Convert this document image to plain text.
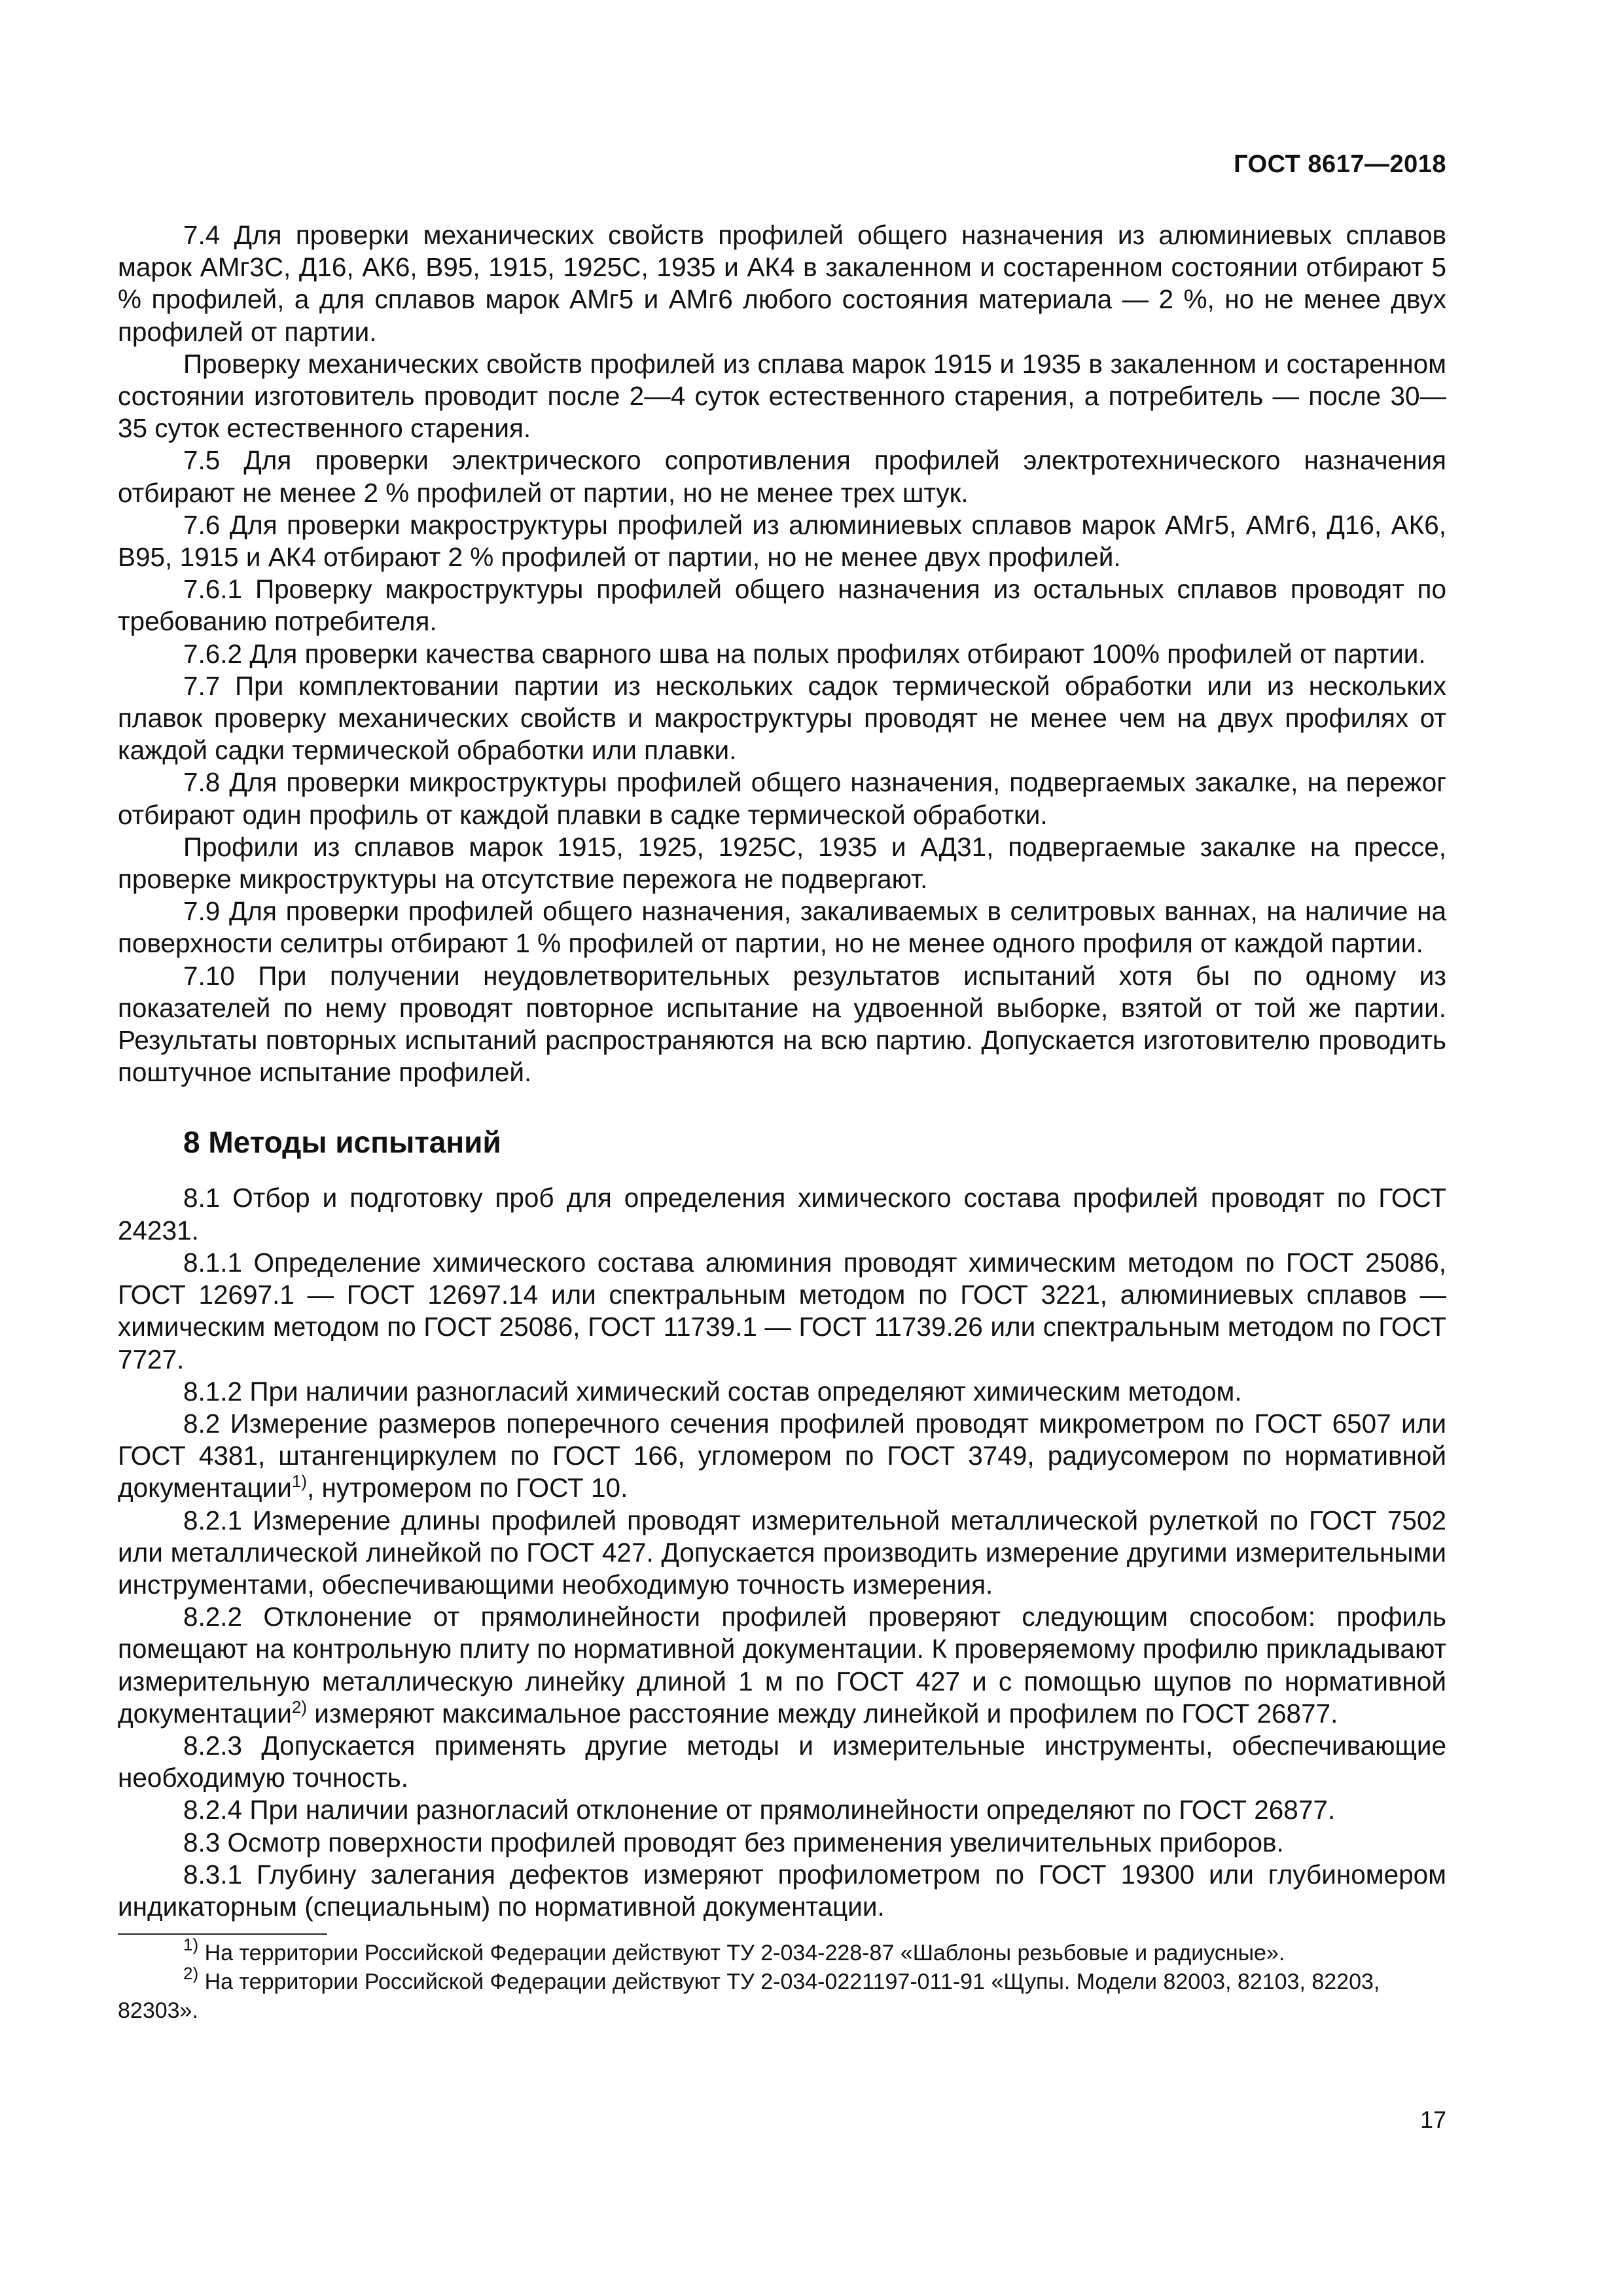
ГОСТ 8617—2018

7.4 Для проверки механических свойств профилей общего назначения из алюминиевых сплавов марок АМг3С, Д16, АК6, В95, 1915, 1925С, 1935 и АК4 в закаленном и состаренном состоянии отбирают 5 % профилей, а для сплавов марок АМг5 и АМг6 любого состояния материала — 2 %, но не менее двух профилей от партии.

Проверку механических свойств профилей из сплава марок 1915 и 1935 в закаленном и состаренном состоянии изготовитель проводит после 2—4 суток естественного старения, а потребитель — после 30—35 суток естественного старения.

7.5 Для проверки электрического сопротивления профилей электротехнического назначения отбирают не менее 2 % профилей от партии, но не менее трех штук.

7.6 Для проверки макроструктуры профилей из алюминиевых сплавов марок АМг5, АМг6, Д16, АК6, В95, 1915 и АК4 отбирают 2 % профилей от партии, но не менее двух профилей.

7.6.1 Проверку макроструктуры профилей общего назначения из остальных сплавов проводят по требованию потребителя.

7.6.2 Для проверки качества сварного шва на полых профилях отбирают 100% профилей от партии.

7.7 При комплектовании партии из нескольких садок термической обработки или из нескольких плавок проверку механических свойств и макроструктуры проводят не менее чем на двух профилях от каждой садки термической обработки или плавки.

7.8 Для проверки микроструктуры профилей общего назначения, подвергаемых закалке, на пережог отбирают один профиль от каждой плавки в садке термической обработки.

Профили из сплавов марок 1915, 1925, 1925С, 1935 и АД31, подвергаемые закалке на прессе, проверке микроструктуры на отсутствие пережога не подвергают.

7.9 Для проверки профилей общего назначения, закаливаемых в селитровых ваннах, на наличие на поверхности селитры отбирают 1 % профилей от партии, но не менее одного профиля от каждой партии.

7.10 При получении неудовлетворительных результатов испытаний хотя бы по одному из показателей по нему проводят повторное испытание на удвоенной выборке, взятой от той же партии. Результаты повторных испытаний распространяются на всю партию. Допускается изготовителю проводить поштучное испытание профилей.

8 Методы испытаний

8.1 Отбор и подготовку проб для определения химического состава профилей проводят по ГОСТ 24231.

8.1.1 Определение химического состава алюминия проводят химическим методом по ГОСТ 25086, ГОСТ 12697.1 — ГОСТ 12697.14 или спектральным методом по ГОСТ 3221, алюминиевых сплавов — химическим методом по ГОСТ 25086, ГОСТ 11739.1 — ГОСТ 11739.26 или спектральным методом по ГОСТ 7727.

8.1.2 При наличии разногласий химический состав определяют химическим методом.

8.2 Измерение размеров поперечного сечения профилей проводят микрометром по ГОСТ 6507 или ГОСТ 4381, штангенциркулем по ГОСТ 166, угломером по ГОСТ 3749, радиусомером по нормативной документации$^{1)}$, нутромером по ГОСТ 10.

8.2.1 Измерение длины профилей проводят измерительной металлической рулеткой по ГОСТ 7502 или металлической линейкой по ГОСТ 427. Допускается производить измерение другими измерительными инструментами, обеспечивающими необходимую точность измерения.

8.2.2 Отклонение от прямолинейности профилей проверяют следующим способом: профиль помещают на контрольную плиту по нормативной документации. К проверяемому профилю прикладывают измерительную металлическую линейку длиной 1 м по ГОСТ 427 и с помощью щупов по нормативной документации$^{2)}$ измеряют максимальное расстояние между линейкой и профилем по ГОСТ 26877.

8.2.3 Допускается применять другие методы и измерительные инструменты, обеспечивающие необходимую точность.

8.2.4 При наличии разногласий отклонение от прямолинейности определяют по ГОСТ 26877.

8.3 Осмотр поверхности профилей проводят без применения увеличительных приборов.

8.3.1 Глубину залегания дефектов измеряют профилометром по ГОСТ 19300 или глубиномером индикаторным (специальным) по нормативной документации.

$^{1)}$ На территории Российской Федерации действуют ТУ 2-034-228-87 «Шаблоны резьбовые и радиусные».

$^{2)}$ На территории Российской Федерации действуют ТУ 2-034-0221197-011-91 «Щупы. Модели 82003, 82103, 82203, 82303».

17
